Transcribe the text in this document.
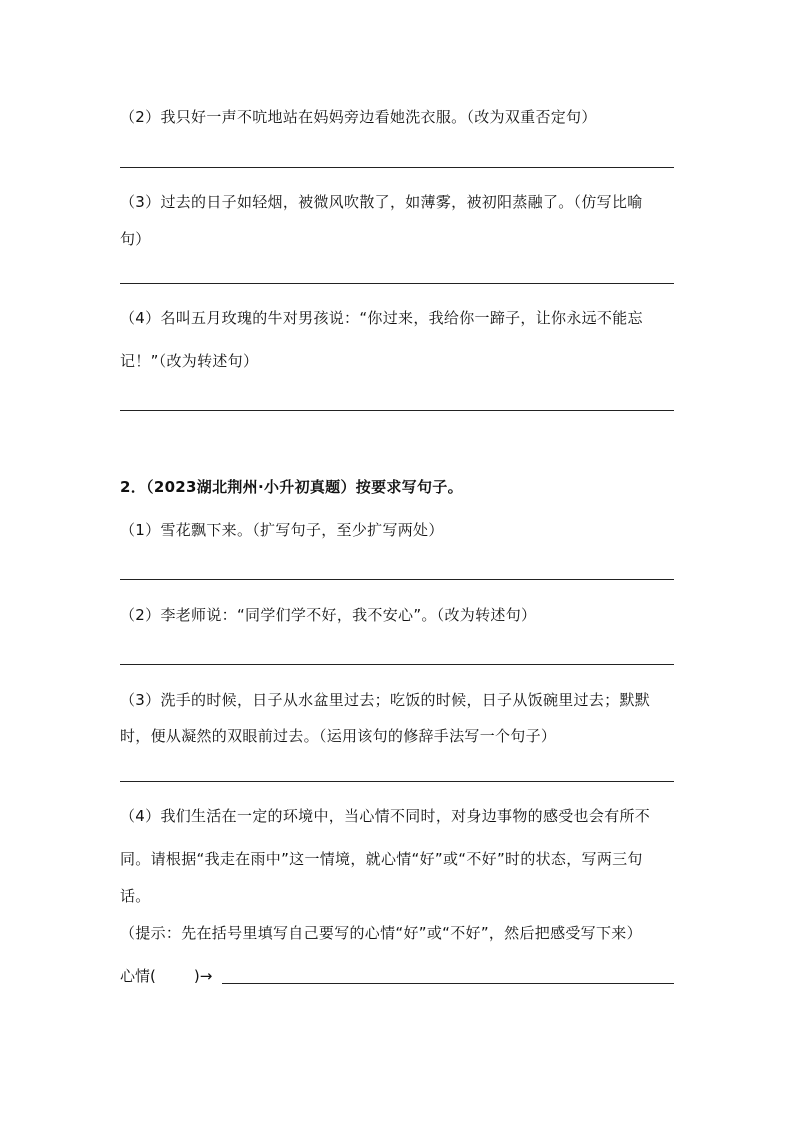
（2）我只好一声不吭地站在妈妈旁边看她洗衣服。（改为双重否定句）
（3）过去的日子如轻烟，被微风吹散了，如薄雾，被初阳蒸融了。（仿写比喻
句）
（4）名叫五月玫瑰的牛对男孩说：“你过来，我给你一蹄子，让你永远不能忘
记！”（改为转述句）
2．（2023湖北荆州·小升初真题）按要求写句子。
（1）雪花飘下来。（扩写句子，至少扩写两处）
（2）李老师说：“同学们学不好，我不安心”。（改为转述句）
（3）洗手的时候，日子从水盆里过去；吃饭的时候，日子从饭碗里过去；默默
时，便从凝然的双眼前过去。（运用该句的修辞手法写一个句子）
（4）我们生活在一定的环境中，当心情不同时，对身边事物的感受也会有所不
同。请根据“我走在雨中”这一情境，就心情“好”或“不好”时的状态，写两三句
话。
（提示：先在括号里填写自己要写的心情“好”或“不好”，然后把感受写下来）
心情(	)→
